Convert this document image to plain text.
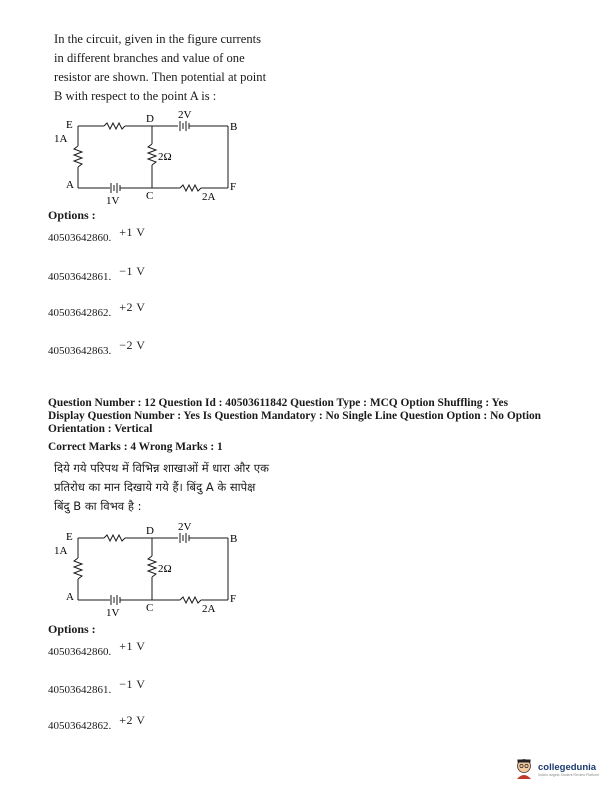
In the circuit, given in the figure currents
in different branches and value of one
resistor are shown. Then potential at point
B with respect to the point A is :
E
1A
D 2V
B
2Ω
A
C
F
1V	2A
Options :
40503642860. $^{+1 V}$
40503642861. $^{-1 V}$
40503642862. $^{+2 V}$
40503642863. $^{-2 V}$
Question Number : 12 Question Id : 40503611842 Question Type : MCQ Option Shuffling : Yes
Display Question Number : Yes Is Question Mandatory : No Single Line Question Option : No Option
Orientation : Vertical
Correct Marks : 4 Wrong Marks : 1
दिये गये परिपथ में विभिन्न शाखाओं में धारा और एक
प्रतिरोध का मान दिखाये गये हैं। बिंदु A के सापेक्ष
बिंदु B का विभव है :
E
1A
D 2V
B
2Ω
A
C
F
1V	2A
Options :
40503642860. $^{+1 V}$
40503642861. $^{-1 V}$
40503642862. $^{+2 V}$
collegedunia
India's largest Student Review Platform
